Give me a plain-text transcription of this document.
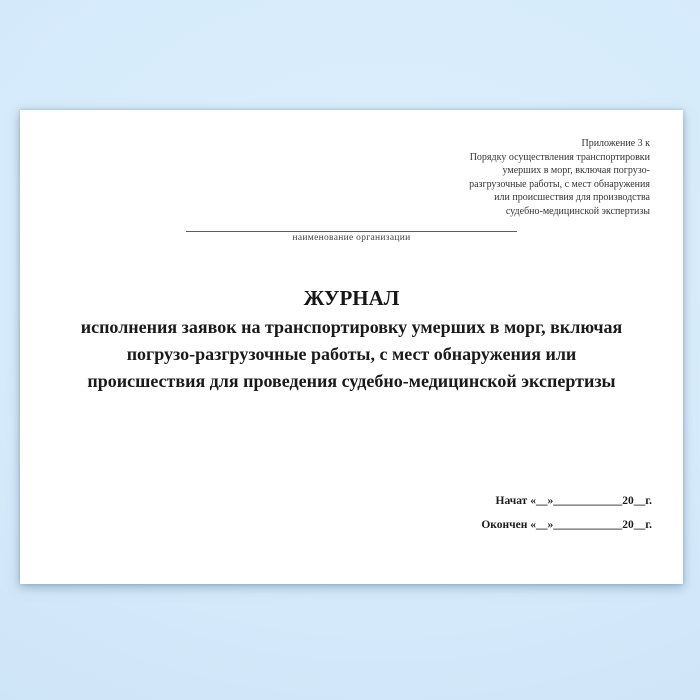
Приложение 3 к
Порядку осуществления транспортировки
умерших в морг, включая погрузо-
разгрузочные работы, с мест обнаружения
или происшествия для производства
судебно-медицинской экспертизы
наименование организации
ЖУРНАЛ
исполнения заявок на транспортировку умерших в морг, включая
погрузо-разгрузочные работы, с мест обнаружения или
происшествия для проведения судебно-медицинской экспертизы
Начат «__»____________20__г.
Окончен «__»____________20__г.
